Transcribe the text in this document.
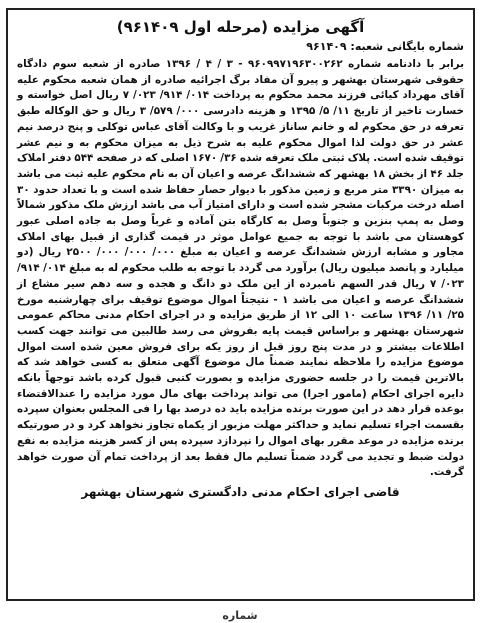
آگهی مزایده (مرحله اول ۹۶۱۴۰۹)

شماره بایگانی شعبه: ۹۶۱۴۰۹

برابر با دادنامه شماره ۹۶۰۹۹۷۱۹۶۳۰۰۲۶۲ - ۳ / ۴ / ۱۳۹۶ صادره از شعبه سوم دادگاه حقوقی شهرستان بهشهر و پیرو آن مفاد برگ اجرائیه صادره از همان شعبه محکوم علیه آقای مهرداد کیائی فرزند محمد محکوم به پرداخت ۰۱۴/ ۹۱۴/ ۰۲۳/ ۷ ریال اصل خواسته و خسارت تاخیر از تاریخ ۱۱/ ۵/ ۱۳۹۵ و هزینه دادرسی ۰۰۰/ ۵۷۹/ ۳ ریال و حق الوکاله طبق تعرفه در حق محکوم له و خانم ساناز غریب و با وکالت آقای عباس توکلی و پنج درصد نیم عشر در حق دولت لذا اموال محکوم علیه به شرح ذیل به میزان محکوم به و نیم عشر توقیف شده است. پلاک ثبتی ملک تعرفه شده ۳۶/ ۱۶۷۰ اصلی که در صفحه ۵۴۴ دفتر املاک جلد ۴۶ از بخش ۱۸ بهشهر که ششدانگ عرصه و اعیان آن به نام محکوم علیه ثبت می باشد به میزان ۳۳۹۰ متر مربع و زمین مذکور با دیوار حصار حفاظ شده است و با تعداد حدود ۳۰ اصله درخت مرکبات مشجر شده است و دارای امتیاز آب می باشد ارزش ملک مذکور شمالاً وصل به پمپ بنزین و جنوباً وصل به کارگاه بتن آماده و غرباً وصل به جاده اصلی عبور کوهستان می باشد با توجه به جمیع عوامل موثر در قیمت گذاری از قبیل بهای املاک مجاور و مشابه ارزش ششدانگ عرصه و اعیان به مبلغ ۰۰۰/ ۰۰۰/ ۰۰۰/ ۲۵۰۰ ریال (دو میلیارد و پانصد میلیون ریال) برآورد می گردد با توجه به طلب محکوم له به مبلغ ۰۱۴/ ۹۱۴/ ۰۲۳/ ۷ ریال قدر السهم نامبرده از این ملک دو دانگ و هجده و سه دهم سیر مشاع از ششدانگ عرصه و اعیان می باشد ۱ - نتیجتاً اموال موضوع توقیف برای چهارشنبه مورخ ۲۵/ ۱۱/ ۱۳۹۶ ساعت ۱۰ الی ۱۲ از طریق مزایده و در اجرای احکام مدنی محاکم عمومی شهرستان بهشهر و براساس قیمت پایه بفروش می رسد طالبین می توانند جهت کسب اطلاعات بیشتر و در مدت پنج روز قبل از روز یکه برای فروش معین شده است اموال موضوع مزایده را ملاحظه نمایند ضمناً مال موضوع آگهی متعلق به کسی خواهد شد که بالاترین قیمت را در جلسه حضوری مزایده و بصورت کتبی قبول کرده باشد توجهاً بانکه دایره اجرای احکام (مامور اجرا) می تواند پرداخت بهای مال مورد مزایده را عندالاقتضاء بوعده قرار دهد در این صورت برنده مزایده باید ده درصد بها را فی المجلس بعنوان سپرده بقسمت اجراء تسلیم نماید و حداکثر مهلت مزبور از یکماه تجاوز نخواهد کرد و در صورتیکه برنده مزایده در موعد مقرر بهای اموال را نپردازد سپرده پس از کسر هزینه مزایده به نفع دولت ضبط و تجدید می گردد ضمناً تسلیم مال فقط بعد از پرداخت تمام آن صورت خواهد گرفت.

قاضی اجرای احکام مدنی دادگستری شهرستان بهشهر

شماره
